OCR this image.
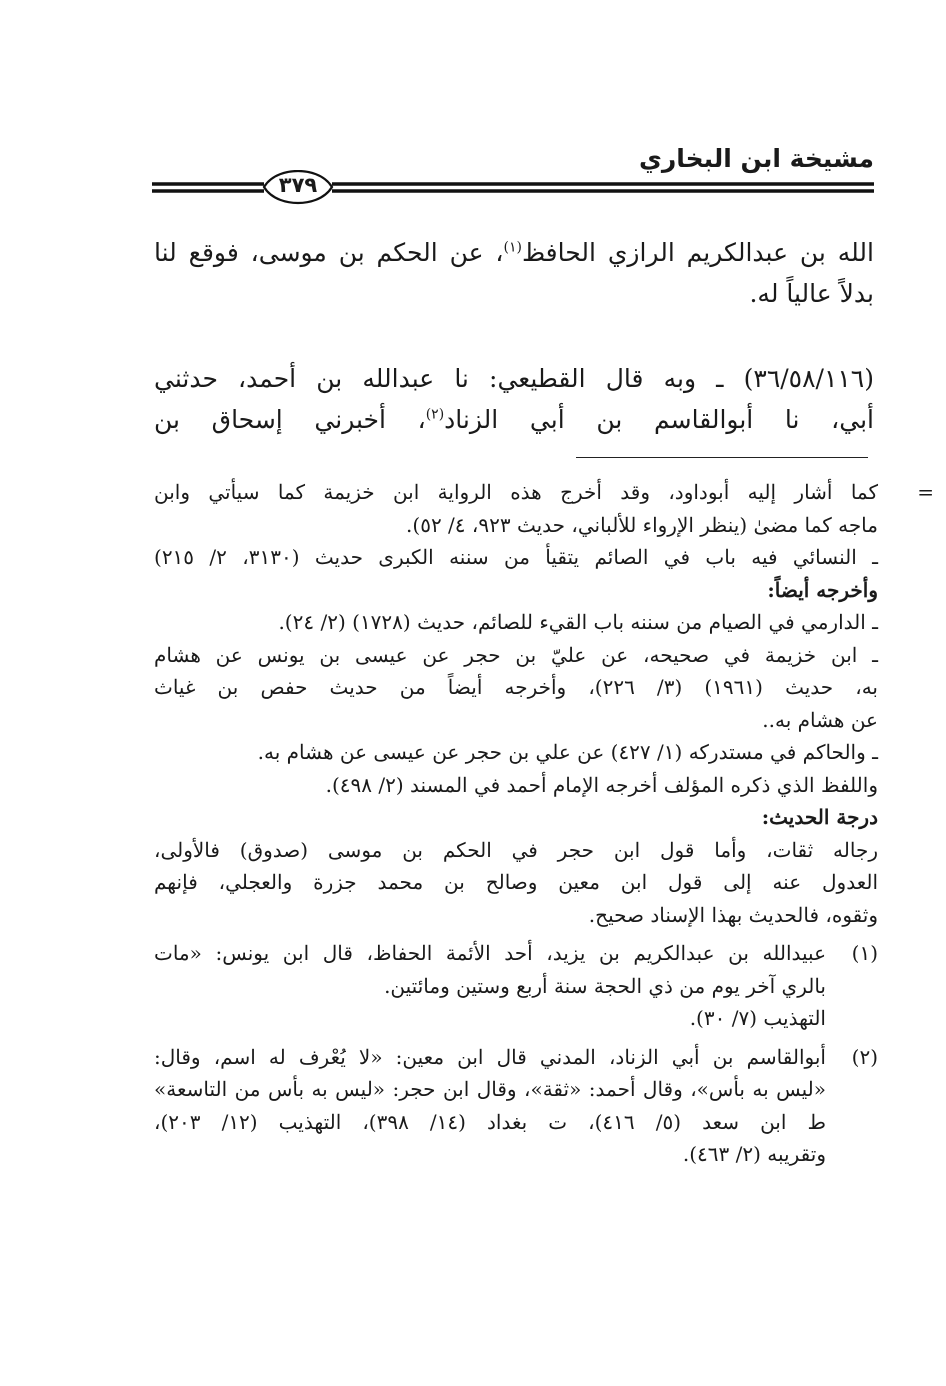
مشيخة ابن البخاري
٣٧٩

الله بن عبدالكريم الرازي الحافظ$^{(١)}$، عن الحكم بن موسى، فوقع لنا

بدلاً عالياً له.

(٣٦/٥٨/١١٦) ـ وبه قال القطيعي: نا عبدالله بن أحمد، حدثني

أبي، نا أبوالقاسم بن أبي الزناد$^{(٢)}$، أخبرني إسحاق بن

=

كما أشار إليه أبوداود، وقد أخرج هذه الرواية ابن خزيمة كما سيأتي وابن

ماجه كما مضىٰ (ينظر الإرواء للألباني، حديث ٩٢٣، ٤/ ٥٢).

ـ النسائي فيه باب في الصائم يتقيأ من سننه الكبرى حديث (٣١٣٠، ٢/ ٢١٥)

وأخرجه أيضاً:

ـ الدارمي في الصيام من سننه باب القيء للصائم، حديث (١٧٢٨) (٢/ ٢٤).

ـ ابن خزيمة في صحيحه، عن عليّ بن حجر عن عيسى بن يونس عن هشام

به، حديث (١٩٦١) (٣/ ٢٢٦)، وأخرجه أيضاً من حديث حفص بن غياث

عن هشام به..

ـ والحاكم في مستدركه (١/ ٤٢٧) عن علي بن حجر عن عيسى عن هشام به.

واللفظ الذي ذكره المؤلف أخرجه الإمام أحمد في المسند (٢/ ٤٩٨).

درجة الحديث:

رجاله ثقات، وأما قول ابن حجر في الحكم بن موسى (صدوق) فالأولى،

العدول عنه إلى قول ابن معين وصالح بن محمد جزرة والعجلي، فإنهم

وثقوه، فالحديث بهذا الإسناد صحيح.

(١)

عبيدالله بن عبدالكريم بن يزيد، أحد الأئمة الحفاظ، قال ابن يونس: «مات

بالري آخر يوم من ذي الحجة سنة أربع وستين ومائتين.

التهذيب (٧/ ٣٠).

(٢)

أبوالقاسم بن أبي الزناد، المدني قال ابن معين: «لا يُعْرف له اسم، وقال:

«ليس به بأس»، وقال أحمد: «ثقة»، وقال ابن حجر: «ليس به بأس من التاسعة»

ط ابن سعد (٥/ ٤١٦)، ت بغداد (١٤/ ٣٩٨)، التهذيب (١٢/ ٢٠٣)،

وتقريبه (٢/ ٤٦٣).
